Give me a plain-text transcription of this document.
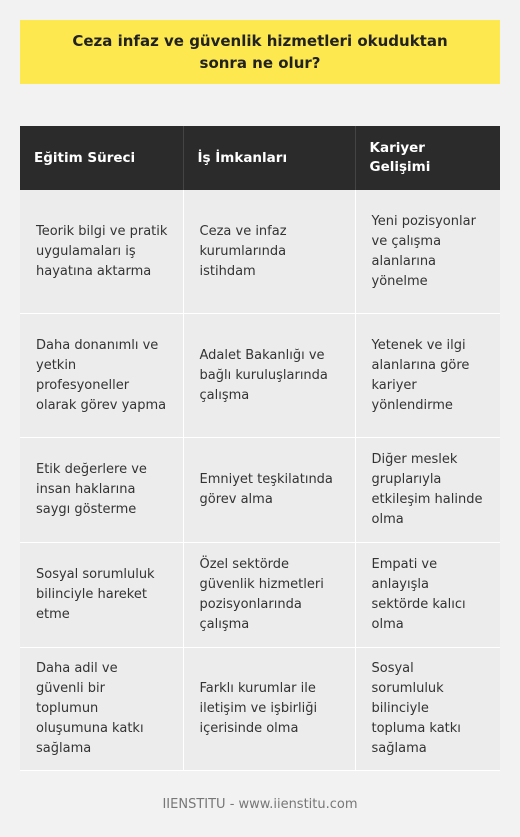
Ceza infaz ve güvenlik hizmetleri okuduktan sonra ne olur?
Eğitim Süreci	İş İmkanları	Kariyer Gelişimi
Teorik bilgi ve pratik uygulamaları iş hayatına aktarma	Ceza ve infaz kurumlarında istihdam	Yeni pozisyonlar ve çalışma alanlarına yönelme
Daha donanımlı ve yetkin profesyoneller olarak görev yapma	Adalet Bakanlığı ve bağlı kuruluşlarında çalışma	Yetenek ve ilgi alanlarına göre kariyer yönlendirme
Etik değerlere ve insan haklarına saygı gösterme	Emniyet teşkilatında görev alma	Diğer meslek gruplarıyla etkileşim halinde olma
Sosyal sorumluluk bilinciyle hareket etme	Özel sektörde güvenlik hizmetleri pozisyonlarında çalışma	Empati ve anlayışla sektörde kalıcı olma
Daha adil ve güvenli bir toplumun oluşumuna katkı sağlama	Farklı kurumlar ile iletişim ve işbirliği içerisinde olma	Sosyal sorumluluk bilinciyle topluma katkı sağlama
IIENSTITU - www.iienstitu.com
